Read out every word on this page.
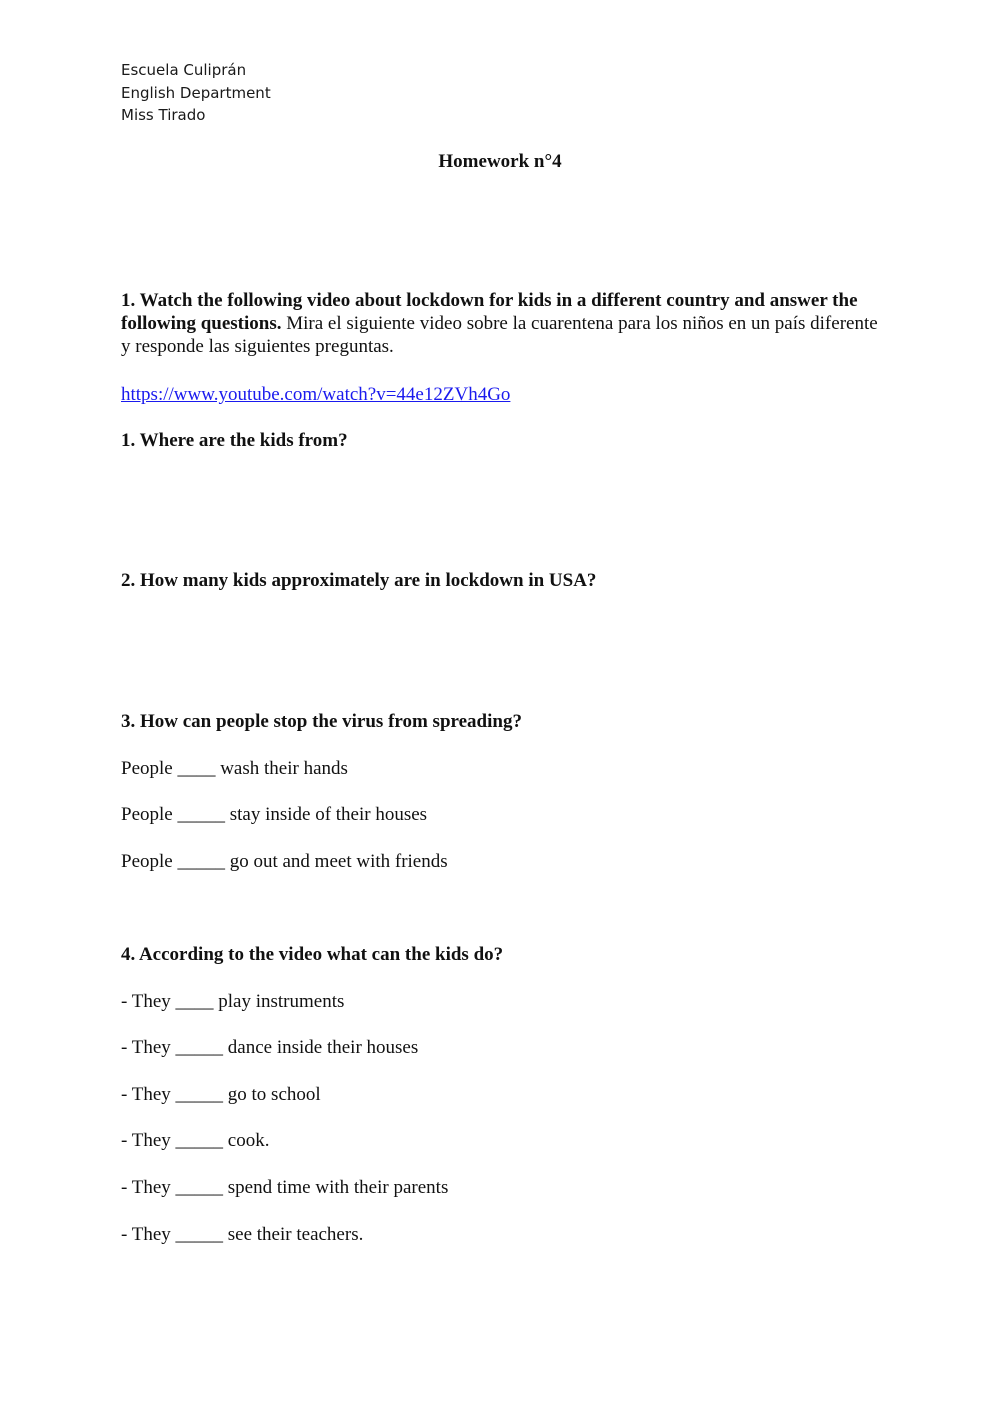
Escuela Culiprán
English Department
Miss Tirado
Homework n°4
1. Watch the following video about lockdown for kids in a different country and answer the following questions. Mira el siguiente video sobre la cuarentena para los niños en un país diferente y responde las siguientes preguntas.
https://www.youtube.com/watch?v=44e12ZVh4Go
1. Where are the kids from?
2. How many kids approximately are in lockdown in USA?
3. How can people stop the virus from spreading?
People ____ wash their hands
People _____ stay inside of their houses
People _____ go out and meet with friends
4. According to the video what can the kids do?
- They ____ play instruments
- They _____ dance inside their houses
- They _____ go to school
- They _____ cook.
- They _____ spend time with their parents
- They _____ see their teachers.
